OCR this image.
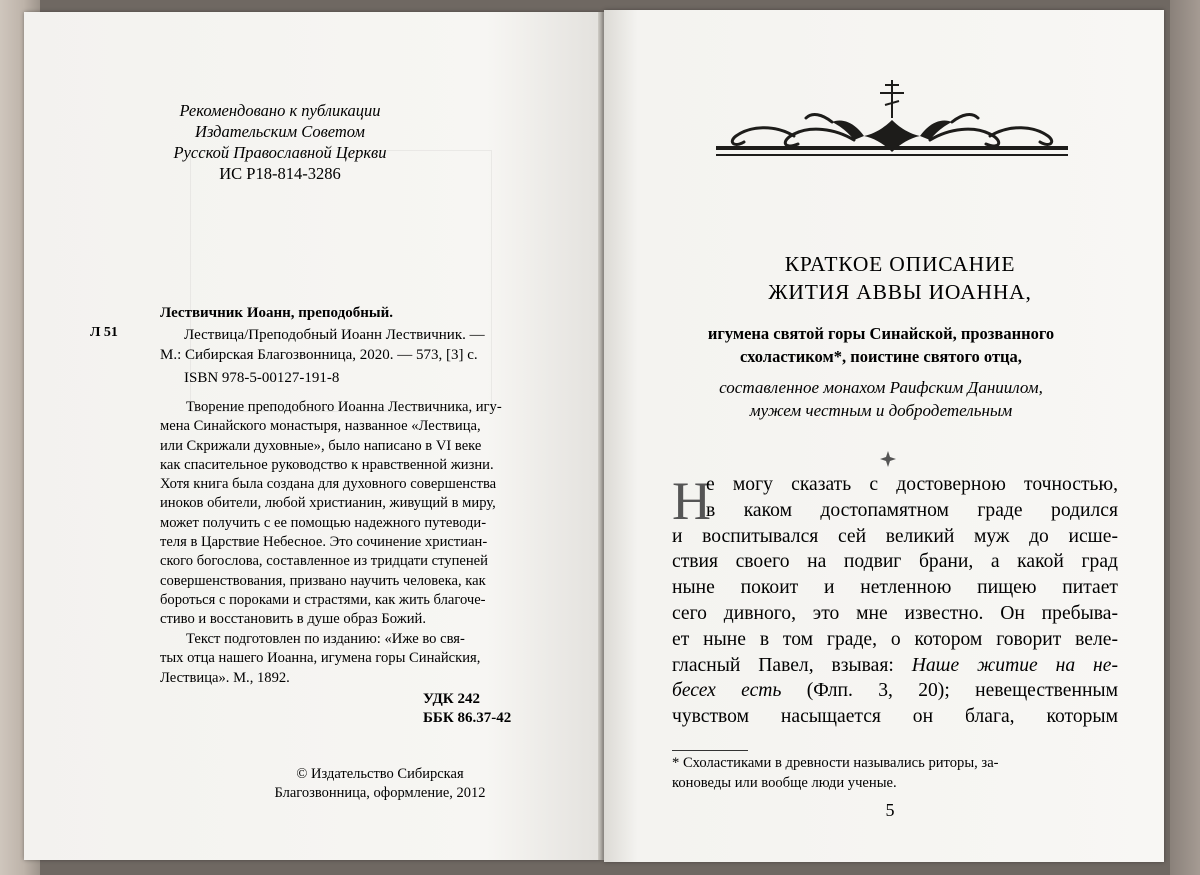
Рекомендовано к публикации
Издательским Советом
Русской Православной Церкви
ИС Р18-814-3286
Л 51
Лествичник Иоанн, преподобный.
Лествица/Преподобный Иоанн Лествичник. —
М.: Сибирская Благозвонница, 2020. — 573, [3] с.
ISBN 978-5-00127-191-8
Творение преподобного Иоанна Лествичника, игу-
мена Синайского монастыря, названное «Лествица,
или Скрижали духовные», было написано в VI веке
как спасительное руководство к нравственной жизни.
Хотя книга была создана для духовного совершенства
иноков обители, любой христианин, живущий в миру,
может получить с ее помощью надежного путеводи-
теля в Царствие Небесное. Это сочинение христиан-
ского богослова, составленное из тридцати ступеней
совершенствования, призвано научить человека, как
бороться с пороками и страстями, как жить благоче-
стиво и восстановить в душе образ Божий.
Текст подготовлен по изданию: «Иже во свя-
тых отца нашего Иоанна, игумена горы Синайския,
Лествица». М., 1892.
УДК 242
ББК 86.37-42
© Издательство Сибирская
Благозвонница, оформление, 2012
КРАТКОЕ ОПИСАНИЕ
ЖИТИЯ АВВЫ ИОАННА,
игумена святой горы Синайской, прозванного
схоластиком*, поистине святого отца,
составленное монахом Раифским Даниилом,
мужем честным и добродетельным
Н
е могу сказать с достоверною точностью,
в каком достопамятном граде родился
и воспитывался сей великий муж до исше-
ствия своего на подвиг брани, а какой град
ныне покоит и нетленною пищею питает
сего дивного, это мне известно. Он пребыва-
ет ныне в том граде, о котором говорит веле-
гласный Павел, взывая: Наше житие на не-
бесех есть (Флп. 3, 20); невещественным
чувством насыщается он блага, которым
* Схоластиками в древности назывались риторы, за-
коноведы или вообще люди ученые.
5
